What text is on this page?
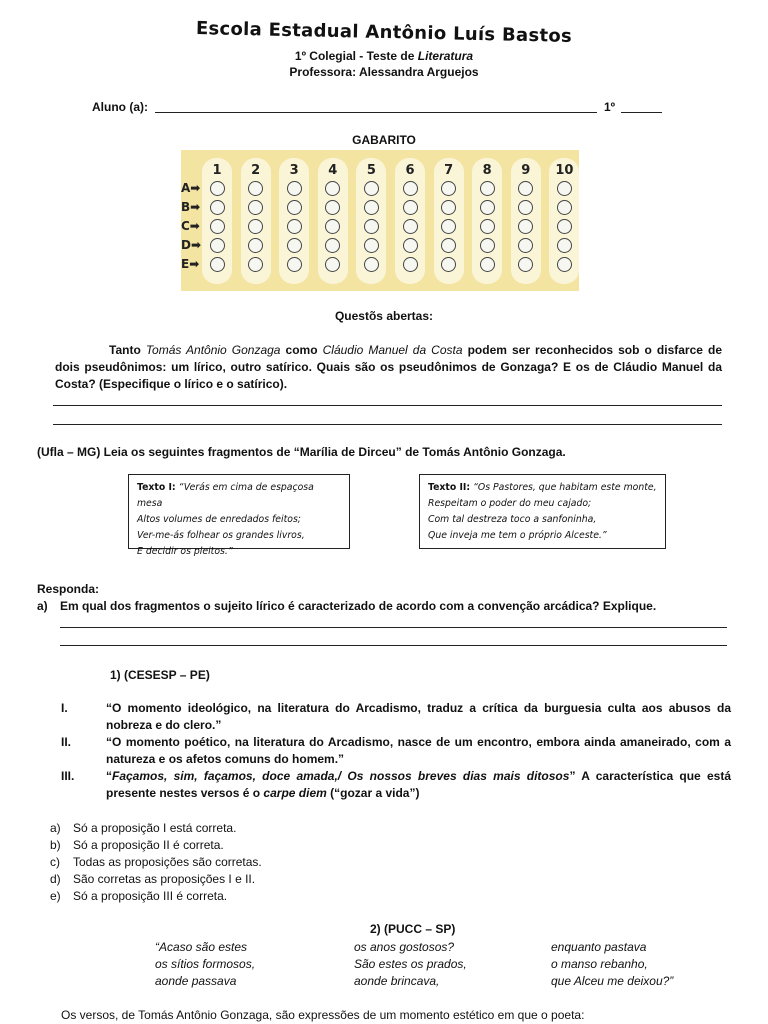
Escola Estadual Antônio Luís Bastos
1º Colegial - Teste de Literatura
Professora: Alessandra Arguejos
Aluno (a):	1º
GABARITO
1	2	3	4	5	6	7	8	9	10
A➡
B➡
C➡
D➡
E➡
Questõs abertas:
Tanto Tomás Antônio Gonzaga como Cláudio Manuel da Costa podem ser reconhecidos sob o disfarce de dois pseudônimos: um lírico, outro satírico. Quais são os pseudônimos de Gonzaga? E os de Cláudio Manuel da Costa? (Especifique o lírico e o satírico).
(Ufla – MG) Leia os seguintes fragmentos de “Marília de Dirceu” de Tomás Antônio Gonzaga.
Texto I: “Verás em cima de espaçosa mesa
Altos volumes de enredados feitos;
Ver-me-ás folhear os grandes livros,
E decidir os pleitos.”
Texto II: “Os Pastores, que habitam este monte,
Respeitam o poder do meu cajado;
Com tal destreza toco a sanfoninha,
Que inveja me tem o próprio Alceste.”
Responda:
a) Em qual dos fragmentos o sujeito lírico é caracterizado de acordo com a convenção arcádica? Explique.
1) (CESESP – PE)
I.	“O momento ideológico, na literatura do Arcadismo, traduz a crítica da burguesia culta aos abusos da nobreza e do clero.”
II.	“O momento poético, na literatura do Arcadismo, nasce de um encontro, embora ainda amaneirado, com a natureza e os afetos comuns do homem.”
III.	“Façamos, sim, façamos, doce amada,/ Os nossos breves dias mais ditosos” A característica que está presente nestes versos é o carpe diem (“gozar a vida”)
a) Só a proposição I está correta.
b) Só a proposição II é correta.
c) Todas as proposições são corretas.
d) São corretas as proposições I e II.
e) Só a proposição III é correta.
2) (PUCC – SP)
“Acaso são estes
os sítios formosos,
aonde passava
os anos gostosos?
São estes os prados,
aonde brincava,
enquanto pastava
o manso rebanho,
que Alceu me deixou?”
Os versos, de Tomás Antônio Gonzaga, são expressões de um momento estético em que o poeta:
